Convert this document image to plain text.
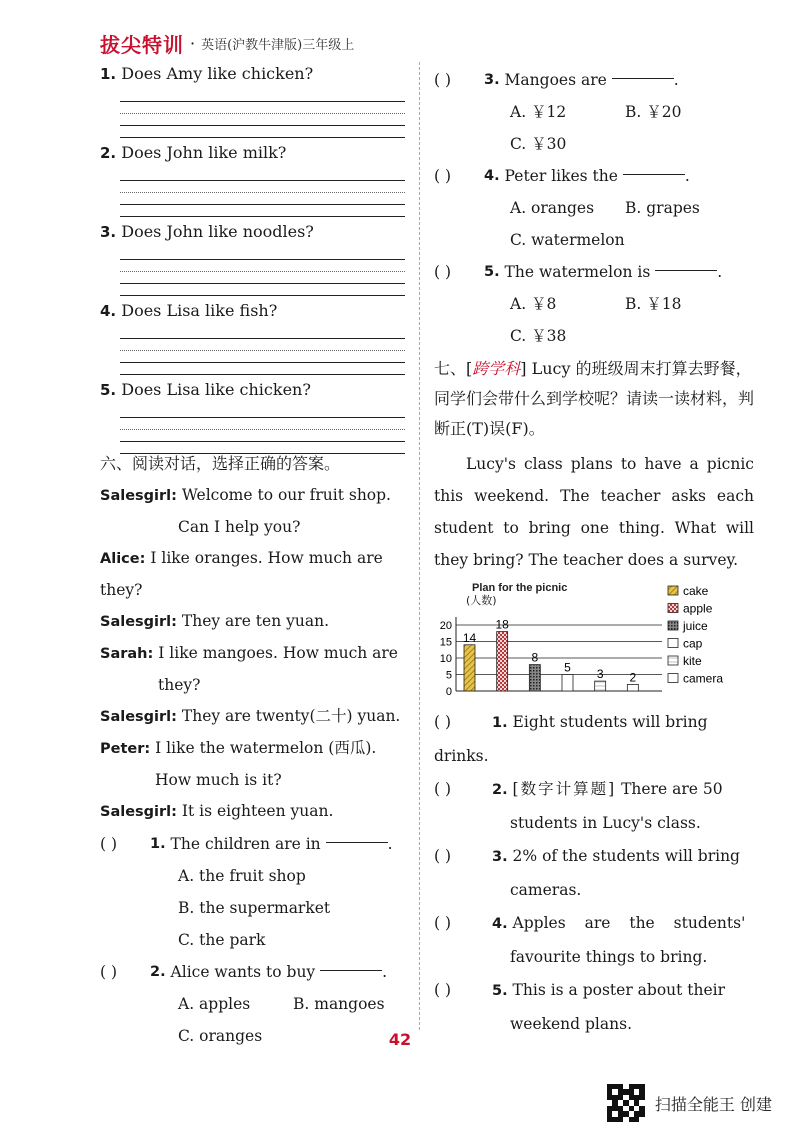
拔尖特训 · 英语(沪教牛津版)三年级上

1. Does Amy like chicken?

2. Does John like milk?

3. Does John like noodles?

4. Does Lisa like fish?

5. Does Lisa like chicken?

六、阅读对话，选择正确的答案。

Salesgirl: Welcome to our fruit shop.

Can I help you?

Alice: I like oranges. How much are they?

Salesgirl: They are ten yuan.

Sarah: I like mangoes. How much are

they?

Salesgirl: They are twenty(二十) yuan.

Peter: I like the watermelon (西瓜).

How much is it?

Salesgirl: It is eighteen yuan.

( )	1.
The children are in
	.

A. the fruit shop

B. the supermarket

C. the park

( )	2.
Alice wants to buy
	.

A. apples	B. mangoes

C. oranges

( )	3.
Mangoes are
	.

A. ￥12	B. ￥20

C. ￥30

( )	4.
Peter likes the
	.

A. oranges B. grapes

C. watermelon

( )	5.
The watermelon is
	.

A. ￥8	B. ￥18

C. ￥38

七、[跨学科] Lucy 的班级周末打算去野餐，同学们会带什么到学校呢？请读一读材料，判断正(T)误(F)。

Lucy's class plans to have a picnic this weekend. The teacher asks each student to bring one thing. What will they bring? The teacher does a survey.

Plan for the picnic
(人数)
0
5
10
15
20
14
18
8
5 3 2
cake
apple
juice
cap
kite
camera

( )	1. Eight students will bring drinks.

( )	2. [数字计算题] There are 50
students in Lucy's class.

( )	3. 2% of the students will bring
cameras.

( )	4. Apples are the students'
favourite things to bring.

( )	5. This is a poster about their
weekend plans.

42
扫描全能王 创建
